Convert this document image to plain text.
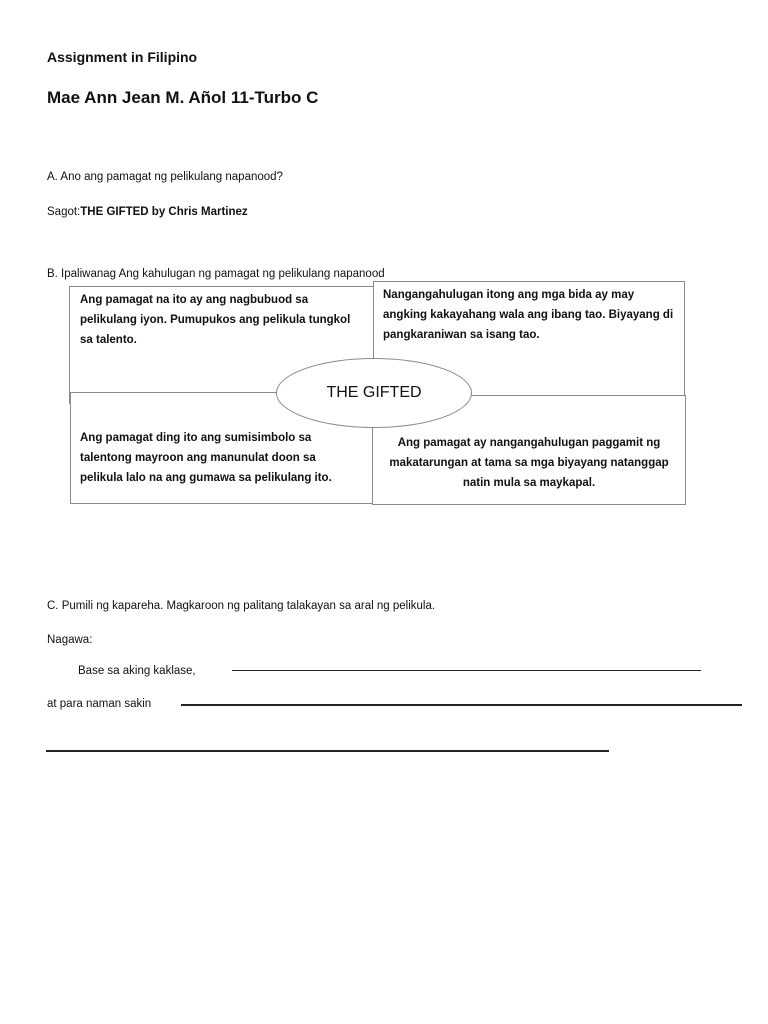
Assignment in Filipino
Mae Ann Jean M. Añol 11-Turbo C
A. Ano ang pamagat ng pelikulang napanood?
Sagot:THE GIFTED by Chris Martinez
B. Ipaliwanag Ang kahulugan ng pamagat ng pelikulang napanood
Ang pamagat na ito ay ang nagbubuod sa pelikulang iyon. Pumupukos ang pelikula tungkol sa talento.
Nangangahulugan itong ang mga bida ay may angking kakayahang wala ang ibang tao. Biyayang di pangkaraniwan sa isang tao.
Ang pamagat ding ito ang sumisimbolo sa talentong mayroon ang manunulat doon sa pelikula lalo na ang gumawa sa pelikulang ito.
Ang pamagat ay nangangahulugan paggamit ng makatarungan at tama sa mga biyayang natanggap natin mula sa maykapal.
THE GIFTED
C. Pumili ng kapareha. Magkaroon ng palitang talakayan sa aral ng pelikula.
Nagawa:
Base sa aking kaklase,
at para naman sakin
